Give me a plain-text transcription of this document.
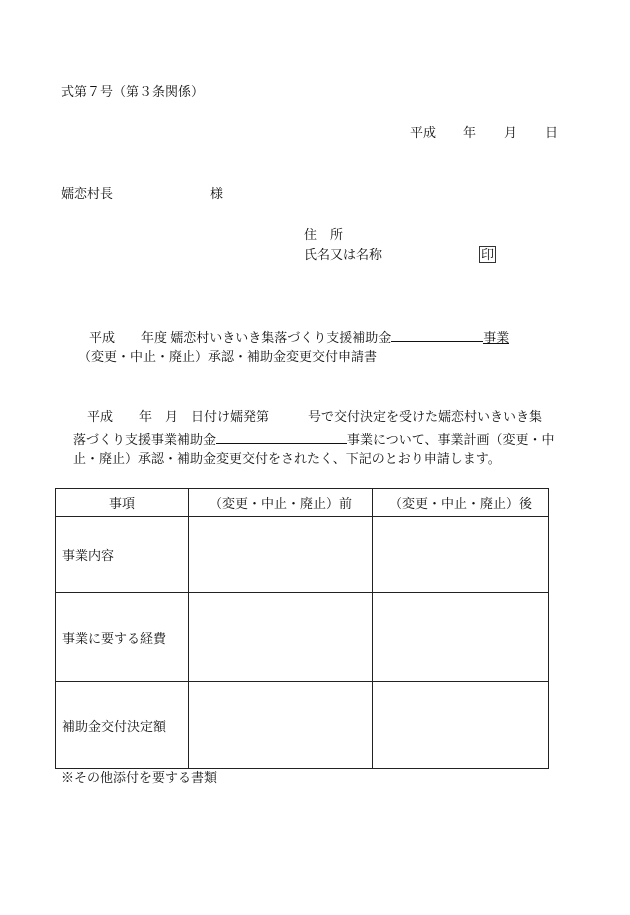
式第７号（第３条関係）
平成 年 月 日
嬬恋村長	様
住　所
氏名又は名称	印
平成　　年度 嬬恋村いきいき集落づくり支援補助金	事業
（変更・中止・廃止）承認・補助金変更交付申請書
平成　　年　月　日付け嬬発第　　　号で交付決定を受けた嬬恋村いきいき集
落づくり支援事業補助金	事業について、事業計画（変更・中
止・廃止）承認・補助金変更交付をされたく、下記のとおり申請します。
事項	（変更・中止・廃止）前	（変更・中止・廃止）後
事業内容		
事業に要する経費		
補助金交付決定額		
※その他添付を要する書類
